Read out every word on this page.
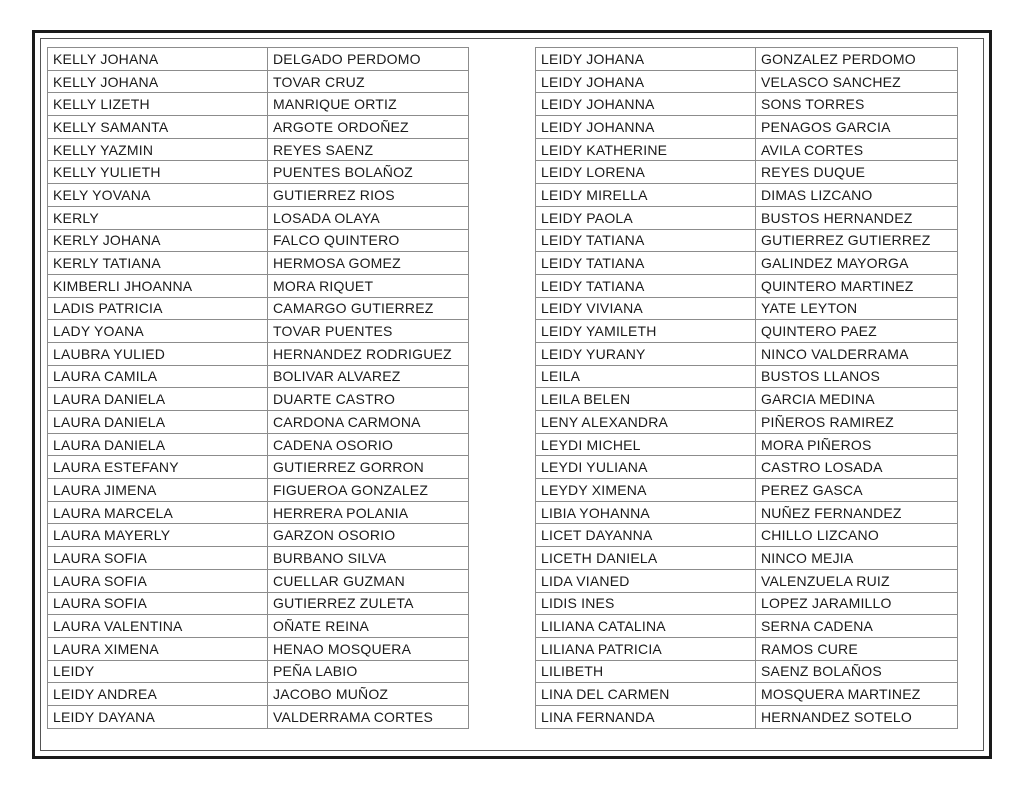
KELLY JOHANA	DELGADO PERDOMO
KELLY JOHANA	TOVAR CRUZ
KELLY LIZETH	MANRIQUE ORTIZ
KELLY SAMANTA	ARGOTE ORDOÑEZ
KELLY YAZMIN	REYES SAENZ
KELLY YULIETH	PUENTES BOLAÑOZ
KELY YOVANA	GUTIERREZ RIOS
KERLY	LOSADA OLAYA
KERLY JOHANA	FALCO QUINTERO
KERLY TATIANA	HERMOSA GOMEZ
KIMBERLI JHOANNA	MORA RIQUET
LADIS PATRICIA	CAMARGO GUTIERREZ
LADY YOANA	TOVAR PUENTES
LAUBRA YULIED	HERNANDEZ RODRIGUEZ
LAURA CAMILA	BOLIVAR ALVAREZ
LAURA DANIELA	DUARTE CASTRO
LAURA DANIELA	CARDONA CARMONA
LAURA DANIELA	CADENA OSORIO
LAURA ESTEFANY	GUTIERREZ GORRON
LAURA JIMENA	FIGUEROA GONZALEZ
LAURA MARCELA	HERRERA POLANIA
LAURA MAYERLY	GARZON OSORIO
LAURA SOFIA	BURBANO SILVA
LAURA SOFIA	CUELLAR GUZMAN
LAURA SOFIA	GUTIERREZ ZULETA
LAURA VALENTINA	OÑATE REINA
LAURA XIMENA	HENAO MOSQUERA
LEIDY	PEÑA LABIO
LEIDY ANDREA	JACOBO MUÑOZ
LEIDY DAYANA	VALDERRAMA CORTES
LEIDY JOHANA	GONZALEZ PERDOMO
LEIDY JOHANA	VELASCO SANCHEZ
LEIDY JOHANNA	SONS TORRES
LEIDY JOHANNA	PENAGOS GARCIA
LEIDY KATHERINE	AVILA CORTES
LEIDY LORENA	REYES DUQUE
LEIDY MIRELLA	DIMAS LIZCANO
LEIDY PAOLA	BUSTOS HERNANDEZ
LEIDY TATIANA	GUTIERREZ GUTIERREZ
LEIDY TATIANA	GALINDEZ MAYORGA
LEIDY TATIANA	QUINTERO MARTINEZ
LEIDY VIVIANA	YATE LEYTON
LEIDY YAMILETH	QUINTERO PAEZ
LEIDY YURANY	NINCO VALDERRAMA
LEILA	BUSTOS LLANOS
LEILA BELEN	GARCIA MEDINA
LENY ALEXANDRA	PIÑEROS RAMIREZ
LEYDI MICHEL	MORA PIÑEROS
LEYDI YULIANA	CASTRO LOSADA
LEYDY XIMENA	PEREZ GASCA
LIBIA YOHANNA	NUÑEZ FERNANDEZ
LICET DAYANNA	CHILLO LIZCANO
LICETH DANIELA	NINCO MEJIA
LIDA VIANED	VALENZUELA RUIZ
LIDIS INES	LOPEZ JARAMILLO
LILIANA CATALINA	SERNA CADENA
LILIANA PATRICIA	RAMOS CURE
LILIBETH	SAENZ BOLAÑOS
LINA DEL CARMEN	MOSQUERA MARTINEZ
LINA FERNANDA	HERNANDEZ SOTELO
